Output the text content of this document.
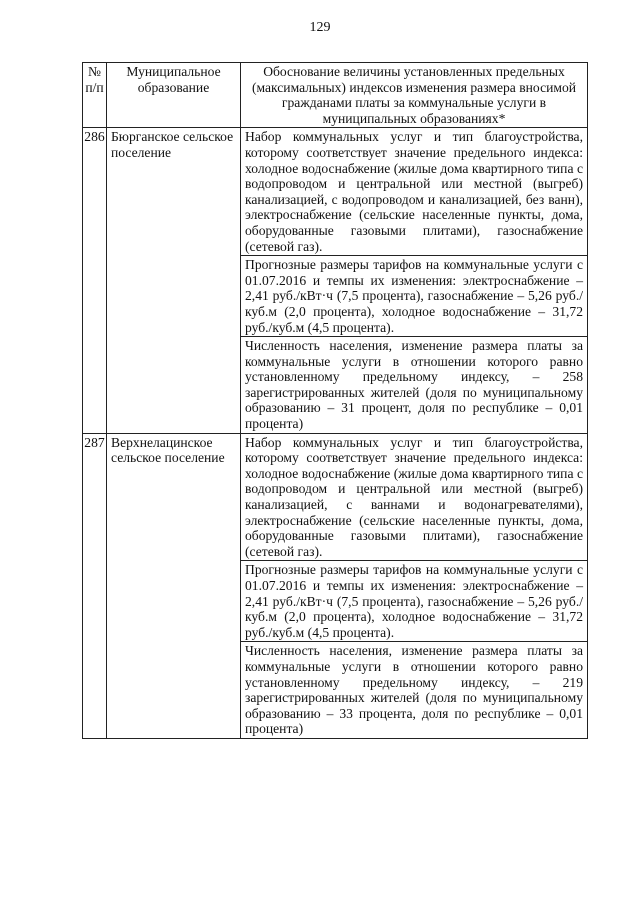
129
№ п/п	Муниципальное образование	Обоснование величины установленных предельных (максимальных) индексов изменения размера вносимой гражданами платы за коммунальные услуги в муниципальных образованиях*

286	Бюрганское сельское поселение	Набор коммунальных услуг и тип благоустройства, которому соответствует значение предельного индекса: холодное водоснабжение (жилые дома квартирного типа с водопроводом и центральной или местной (выгреб) канализацией, с водопроводом и канализацией, без ванн), электроснабжение (сельские населенные пункты, дома, оборудованные газовыми плитами), газоснабжение (сетевой газ).

Прогнозные размеры тарифов на коммунальные услуги с 01.07.2016 и темпы их изменения: электроснабжение – 2,41 руб./кВт·ч (7,5 процента), газоснабжение – 5,26 руб./куб.м (2,0 процента), холодное водоснабжение – 31,72 руб./куб.м (4,5 процента).

Численность населения, изменение размера платы за коммунальные услуги в отношении которого равно установленному предельному индексу, – 258 зарегистрированных жителей (доля по муниципальному образованию – 31 процент, доля по республике – 0,01 процента)

287	Верхнелацинское сельское поселение	Набор коммунальных услуг и тип благоустройства, которому соответствует значение предельного индекса: холодное водоснабжение (жилые дома квартирного типа с водопроводом и центральной или местной (выгреб) канализацией, с ваннами и водонагревателями), электроснабжение (сельские населенные пункты, дома, оборудованные газовыми плитами), газоснабжение (сетевой газ).

Прогнозные размеры тарифов на коммунальные услуги с 01.07.2016 и темпы их изменения: электроснабжение – 2,41 руб./кВт·ч (7,5 процента), газоснабжение – 5,26 руб./куб.м (2,0 процента), холодное водоснабжение – 31,72 руб./куб.м (4,5 процента).

Численность населения, изменение размера платы за коммунальные услуги в отношении которого равно установленному предельному индексу, – 219 зарегистрированных жителей (доля по муниципальному образованию – 33 процента, доля по республике – 0,01 процента)
